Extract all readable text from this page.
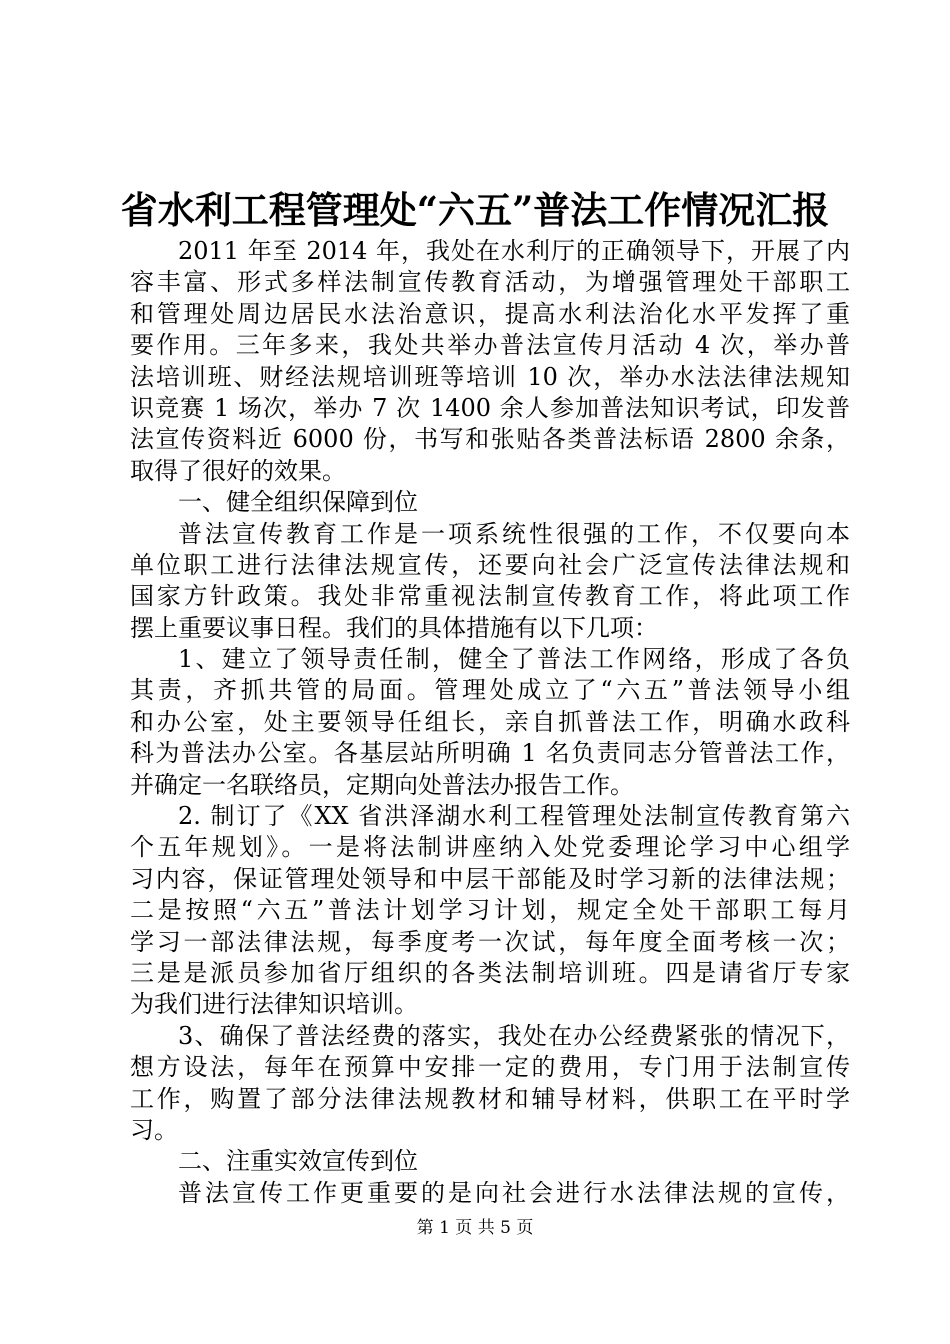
省水利工程管理处“六五”普法工作情况汇报
2011 年至 2014 年，我处在水利厅的正确领导下，开展了内
容丰富、形式多样法制宣传教育活动，为增强管理处干部职工
和管理处周边居民水法治意识，提高水利法治化水平发挥了重
要作用。三年多来，我处共举办普法宣传月活动 4 次，举办普
法培训班、财经法规培训班等培训 10 次，举办水法法律法规知
识竞赛 1 场次，举办 7 次 1400 余人参加普法知识考试，印发普
法宣传资料近 6000 份，书写和张贴各类普法标语 2800 余条，
取得了很好的效果。
一、健全组织保障到位
普法宣传教育工作是一项系统性很强的工作，不仅要向本
单位职工进行法律法规宣传，还要向社会广泛宣传法律法规和
国家方针政策。我处非常重视法制宣传教育工作，将此项工作
摆上重要议事日程。我们的具体措施有以下几项：
1、建立了领导责任制，健全了普法工作网络，形成了各负
其责，齐抓共管的局面。管理处成立了“六五”普法领导小组
和办公室，处主要领导任组长，亲自抓普法工作，明确水政科
科为普法办公室。各基层站所明确 1 名负责同志分管普法工作，
并确定一名联络员，定期向处普法办报告工作。
2. 制订了《XX 省洪泽湖水利工程管理处法制宣传教育第六
个五年规划》。一是将法制讲座纳入处党委理论学习中心组学
习内容，保证管理处领导和中层干部能及时学习新的法律法规；
二是按照“六五”普法计划学习计划，规定全处干部职工每月
学习一部法律法规，每季度考一次试，每年度全面考核一次；
三是是派员参加省厅组织的各类法制培训班。四是请省厅专家
为我们进行法律知识培训。
3、确保了普法经费的落实，我处在办公经费紧张的情况下，
想方设法，每年在预算中安排一定的费用，专门用于法制宣传
工作，购置了部分法律法规教材和辅导材料，供职工在平时学
习。
二、注重实效宣传到位
普法宣传工作更重要的是向社会进行水法律法规的宣传，
第 1 页 共 5 页
